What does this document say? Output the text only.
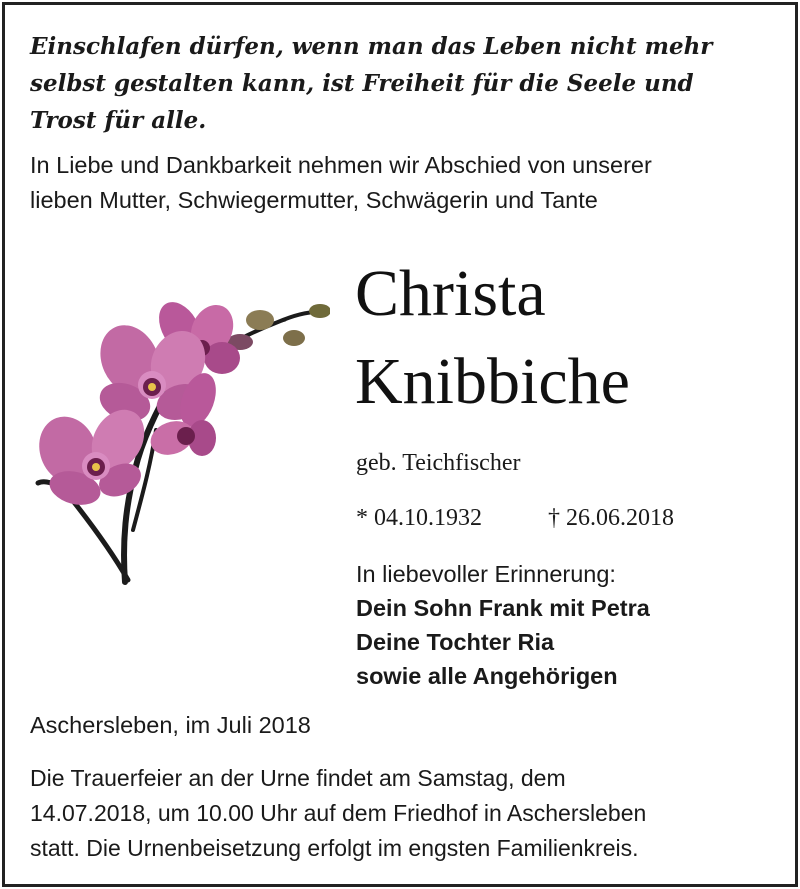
Einschlafen dürfen, wenn man das Leben nicht mehr
selbst gestalten kann, ist Freiheit für die Seele und
Trost für alle.
In Liebe und Dankbarkeit nehmen wir Abschied von unserer
lieben Mutter, Schwiegermutter, Schwägerin und Tante
Christa
Knibbiche
geb. Teichfischer
* 04.10.1932	† 26.06.2018
In liebevoller Erinnerung:
Dein Sohn Frank mit Petra
Deine Tochter Ria
sowie alle Angehörigen
Aschersleben, im Juli 2018
Die Trauerfeier an der Urne findet am Samstag, dem
14.07.2018, um 10.00 Uhr auf dem Friedhof in Aschersleben
statt. Die Urnenbeisetzung erfolgt im engsten Familienkreis.
